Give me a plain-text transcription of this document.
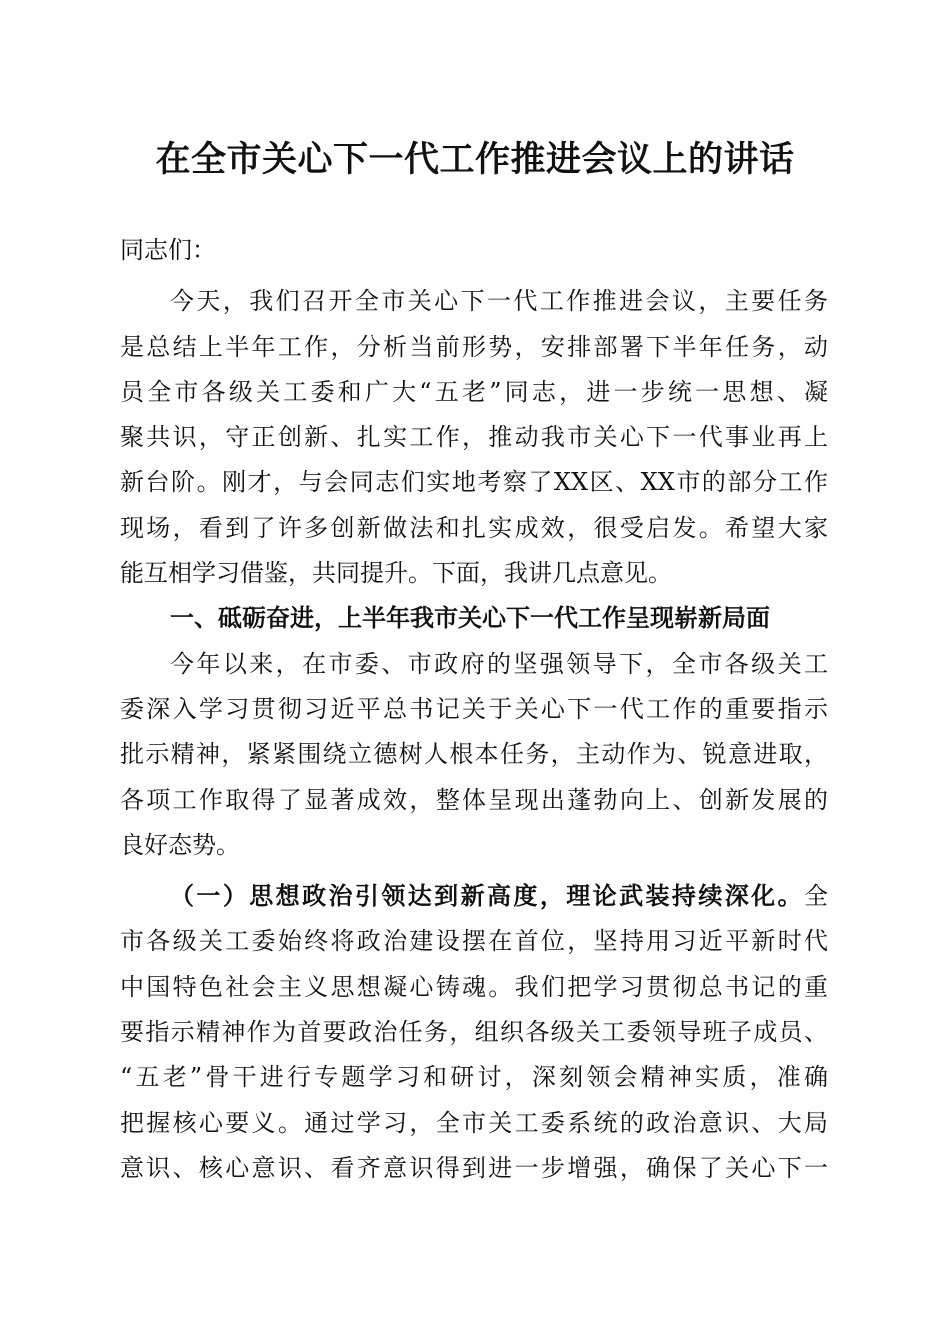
在全市关心下一代工作推进会议上的讲话
同志们：
今天，我们召开全市关心下一代工作推进会议，主要任务
是总结上半年工作，分析当前形势，安排部署下半年任务，动
员全市各级关工委和广大“五老”同志，进一步统一思想、凝
聚共识，守正创新、扎实工作，推动我市关心下一代事业再上
新台阶。刚才，与会同志们实地考察了XX区、XX市的部分工作
现场，看到了许多创新做法和扎实成效，很受启发。希望大家
能互相学习借鉴，共同提升。下面，我讲几点意见。
一、砥砺奋进，上半年我市关心下一代工作呈现崭新局面
今年以来，在市委、市政府的坚强领导下，全市各级关工
委深入学习贯彻习近平总书记关于关心下一代工作的重要指示
批示精神，紧紧围绕立德树人根本任务，主动作为、锐意进取，
各项工作取得了显著成效，整体呈现出蓬勃向上、创新发展的
良好态势。
（一）思想政治引领达到新高度，理论武装持续深化。全
市各级关工委始终将政治建设摆在首位，坚持用习近平新时代
中国特色社会主义思想凝心铸魂。我们把学习贯彻总书记的重
要指示精神作为首要政治任务，组织各级关工委领导班子成员、
“五老”骨干进行专题学习和研讨，深刻领会精神实质，准确
把握核心要义。通过学习，全市关工委系统的政治意识、大局
意识、核心意识、看齐意识得到进一步增强，确保了关心下一
